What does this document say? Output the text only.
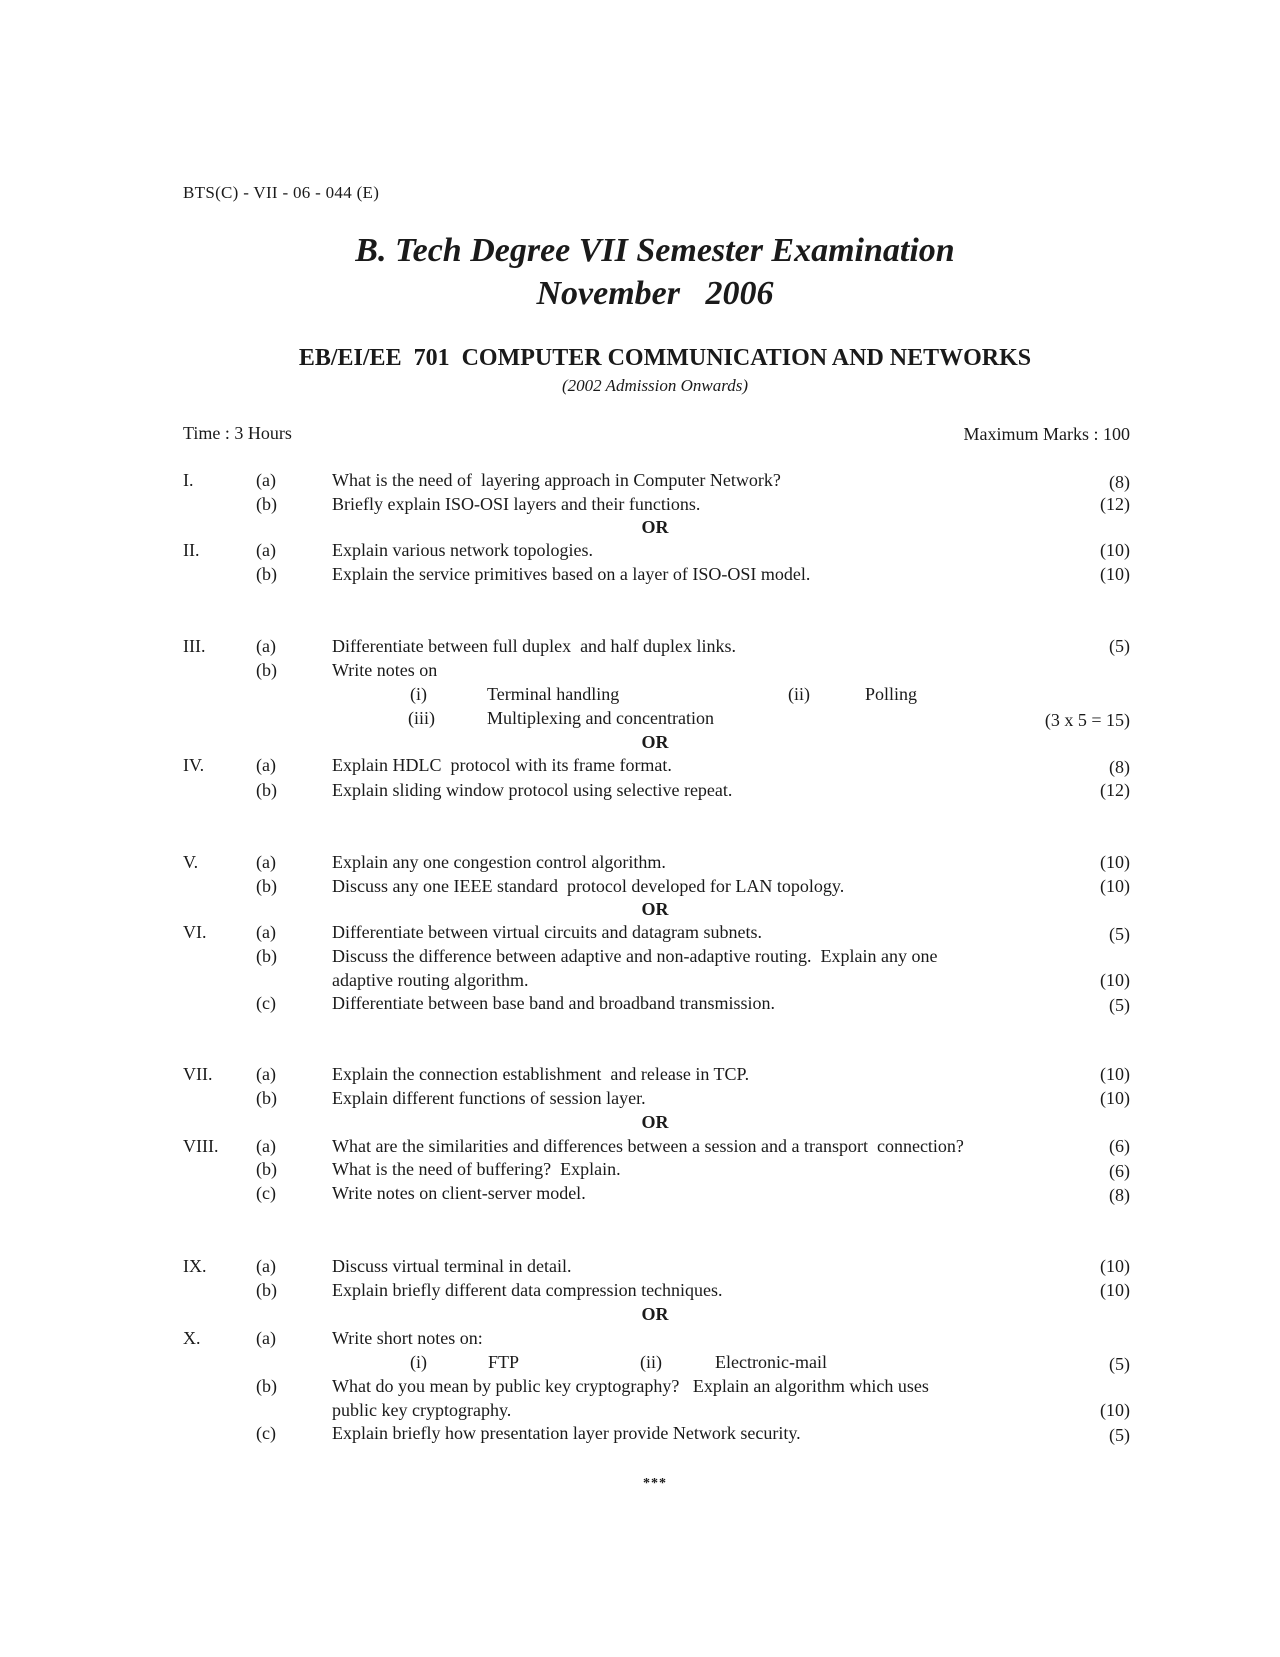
BTS(C) - VII - 06 - 044 (E)
B. Tech Degree VII Semester Examination
November   2006
EB/EI/EE  701  COMPUTER COMMUNICATION AND NETWORKS
(2002 Admission Onwards)
Time : 3 Hours	Maximum Marks : 100
I.	(a)	What is the need of  layering approach in Computer Network?	(8)
(b)	Briefly explain ISO-OSI layers and their functions.	(12)
OR
II.	(a)	Explain various network topologies.	(10)
(b)	Explain the service primitives based on a layer of ISO-OSI model.	(10)
III.	(a)	Differentiate between full duplex  and half duplex links.	(5)
(b)	Write notes on
(i)	Terminal handling	(ii)	Polling
(iii)	Multiplexing and concentration	(3 x 5 = 15)
OR
IV.	(a)	Explain HDLC  protocol with its frame format.	(8)
(b)	Explain sliding window protocol using selective repeat.	(12)
V.	(a)	Explain any one congestion control algorithm.	(10)
(b)	Discuss any one IEEE standard  protocol developed for LAN topology.	(10)
OR
VI.	(a)	Differentiate between virtual circuits and datagram subnets.	(5)
(b)	Discuss the difference between adaptive and non-adaptive routing.  Explain any one
adaptive routing algorithm.	(10)
(c)	Differentiate between base band and broadband transmission.	(5)
VII. (a)	Explain the connection establishment  and release in TCP.	(10)
(b)	Explain different functions of session layer.	(10)
OR
VIII. (a)	What are the similarities and differences between a session and a transport  connection?	(6)
(b)	What is the need of buffering?  Explain.	(6)
(c)	Write notes on client-server model.	(8)
IX.	(a)	Discuss virtual terminal in detail.	(10)
(b)	Explain briefly different data compression techniques.	(10)
OR
X.	(a)	Write short notes on:
(i)	FTP	(ii)	Electronic-mail	(5)
(b)	What do you mean by public key cryptography?   Explain an algorithm which uses
public key cryptography.	(10)
(c)	Explain briefly how presentation layer provide Network security.	(5)
***
